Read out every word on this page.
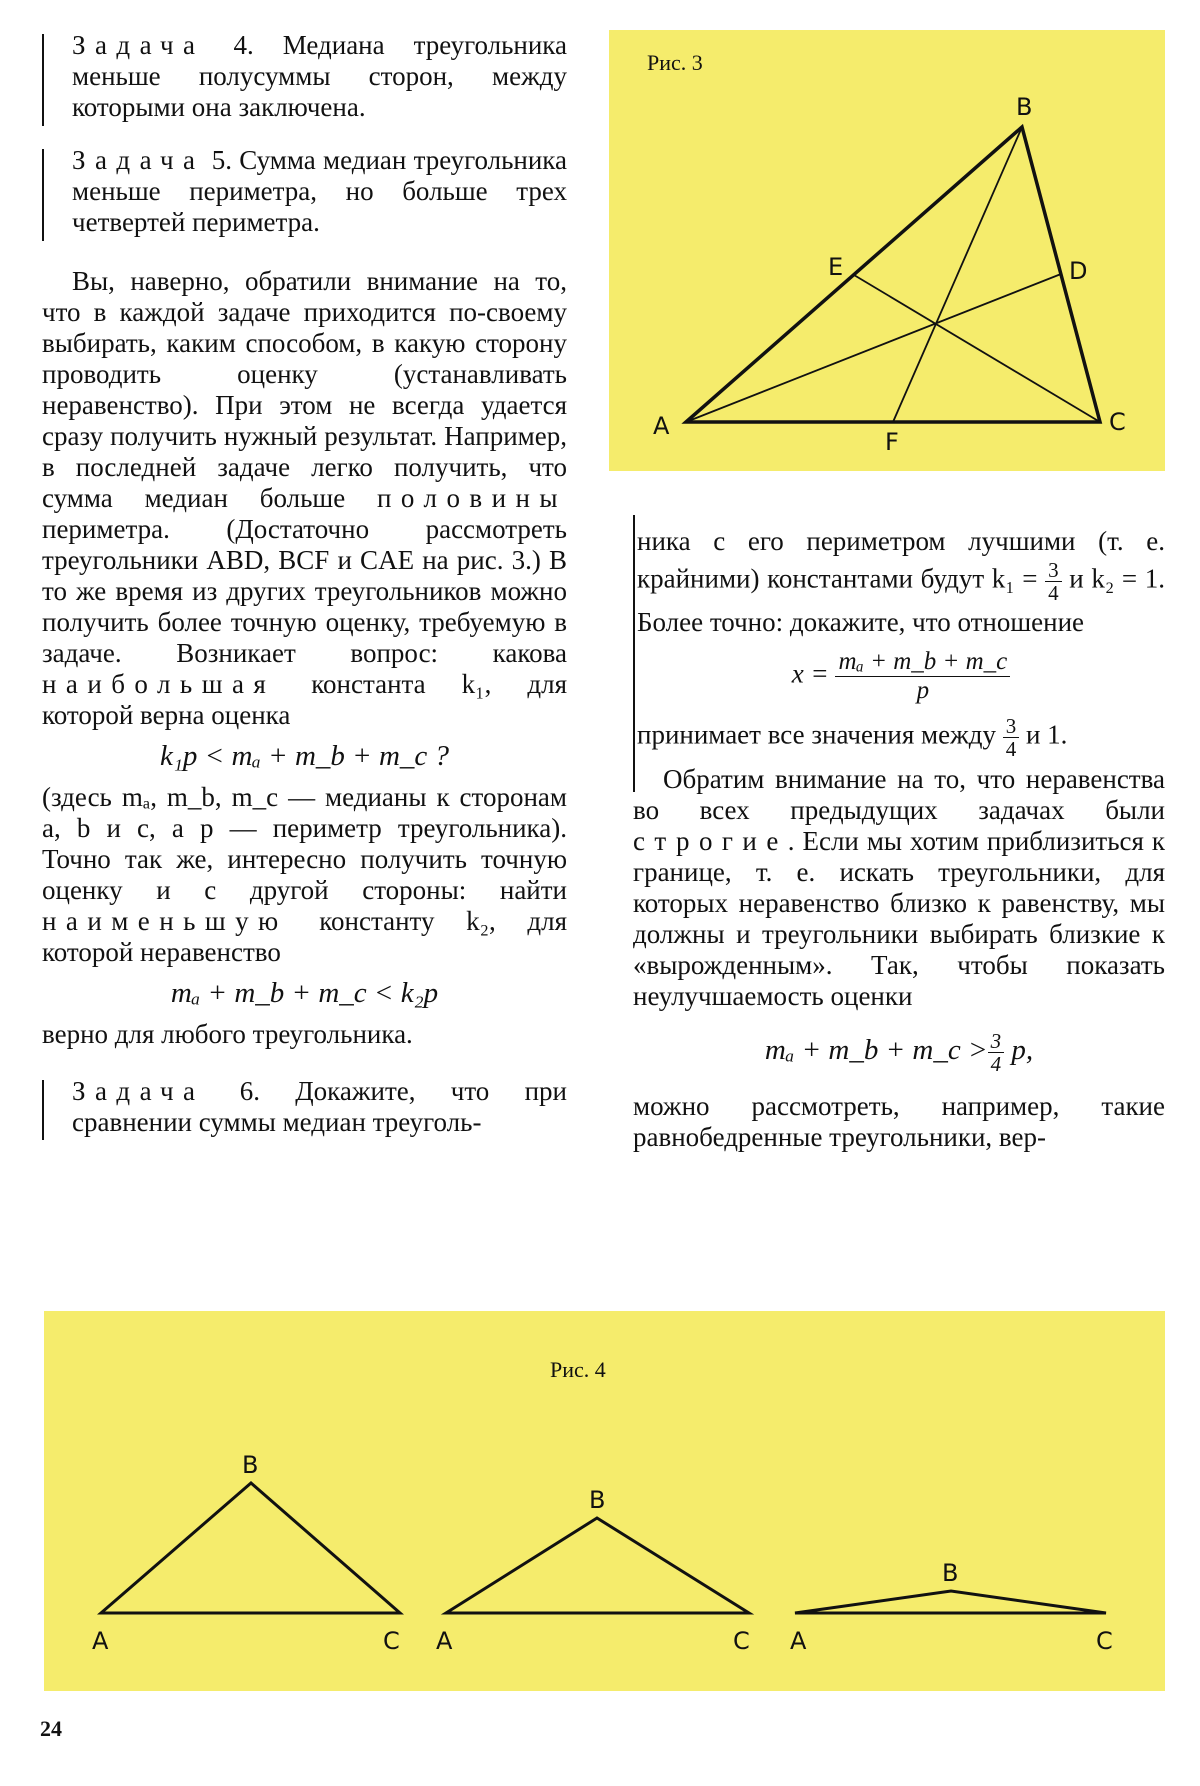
Задача 4. Медиана треугольника меньше полусуммы сторон, между которыми она заключена.

Задача 5. Сумма медиан треугольника меньше периметра, но больше трех четвертей периметра.

Вы, наверно, обратили внимание на то, что в каждой задаче приходится по-своему выбирать, каким способом, в какую сторону проводить оценку (устанавливать неравенство). При этом не всегда удается сразу получить нужный результат. Например, в последней задаче легко получить, что сумма медиан больше половины периметра. (Достаточно рассмотреть треугольники ABD, BCF и CAE на рис. 3.) В то же время из других треугольников можно получить более точную оценку, требуемую в задаче. Возникает вопрос: какова наибольшая константа k₁, для которой верна оценка

k₁p < mₐ + m_b + m_c ?

(здесь mₐ, m_b, m_c — медианы к сторонам a, b и c, а p — периметр треугольника). Точно так же, интересно получить точную оценку и с другой стороны: найти наименьшую константу k₂, для которой неравенство

mₐ + m_b + m_c < k₂p

верно для любого треугольника.

Задача 6. Докажите, что при сравнении суммы медиан треуголь-

Рис. 3
A
B
C
D
E
F

ника с его периметром лучшими (т. е. крайними) константами будут $k_1 = \frac{3}{4}$ и k₂ = 1. Более точно: докажите, что отношение

$x = \frac{\text{mₐ + m\_b + m\_c}}{p}$

принимает все значения между $\frac{3}{4}$ и 1.

Обратим внимание на то, что неравенства во всех предыдущих задачах были строгие. Если мы хотим приблизиться к границе, т. е. искать треугольники, для которых неравенство близко к равенству, мы должны и треугольники выбирать близкие к «вырожденным». Так, чтобы показать неулучшаемость оценки

mₐ + m_b + m_c > $\frac{3}{4} p$,

можно рассмотреть, например, такие равнобедренные треугольники, вер-

Рис. 4
A
B
C A
B
C A
B
C
24
